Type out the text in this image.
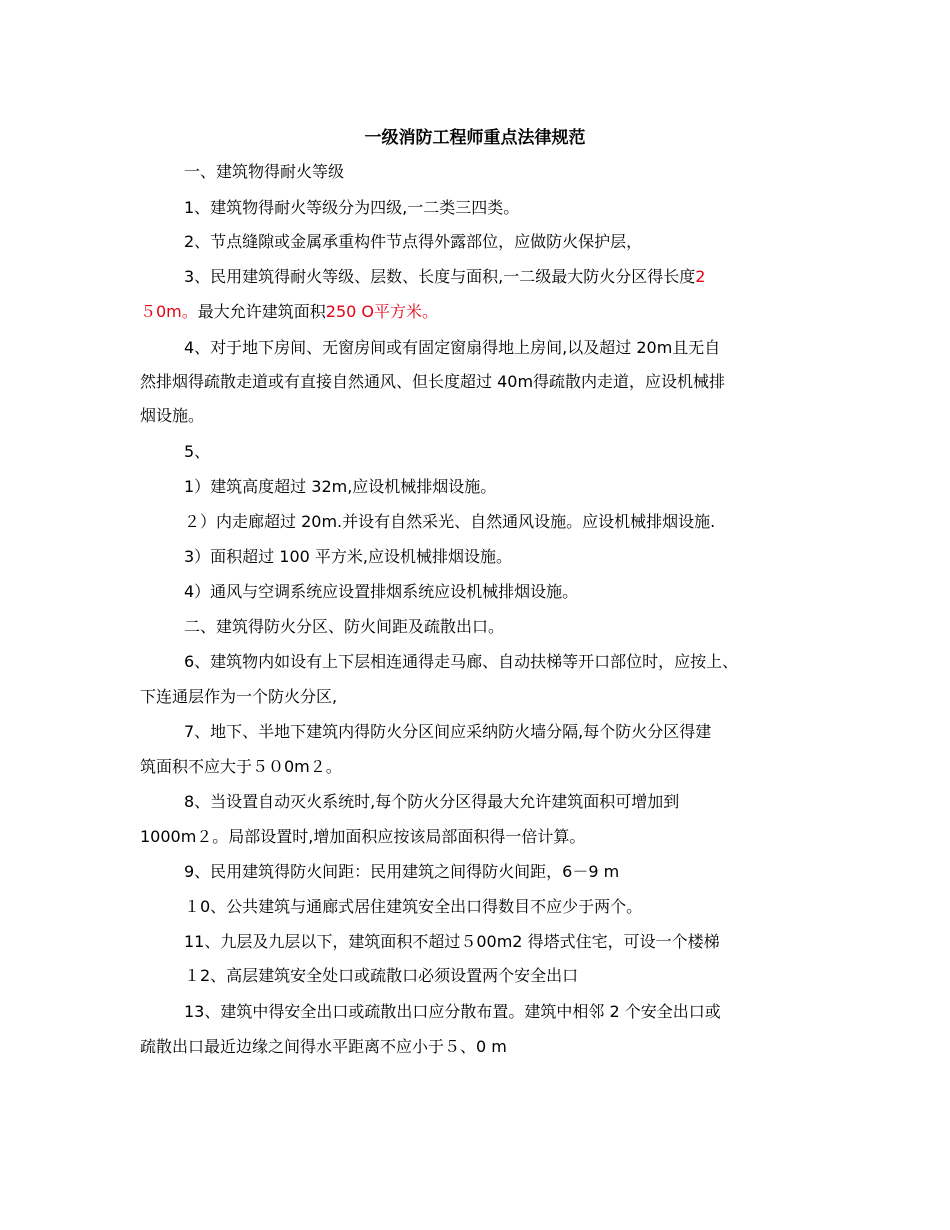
一级消防工程师重点法律规范
一、建筑物得耐火等级
1、建筑物得耐火等级分为四级,一二类三四类。
2、节点缝隙或金属承重构件节点得外露部位，应做防火保护层，
3、民用建筑得耐火等级、层数、长度与面积,一二级最大防火分区得长度2
５0m。最大允许建筑面积250 O平方米。
4、对于地下房间、无窗房间或有固定窗扇得地上房间,以及超过 20m且无自
然排烟得疏散走道或有直接自然通风、但长度超过 40m得疏散内走道，应设机械排
烟设施。
5、
1）建筑高度超过 32m,应设机械排烟设施。
２）内走廊超过 20m.并设有自然采光、自然通风设施。应设机械排烟设施.
3）面积超过 100 平方米,应设机械排烟设施。
4）通风与空调系统应设置排烟系统应设机械排烟设施。
二、建筑得防火分区、防火间距及疏散出口。
6、建筑物内如设有上下层相连通得走马廊、自动扶梯等开口部位时，应按上、
下连通层作为一个防火分区,
7、地下、半地下建筑内得防火分区间应采纳防火墙分隔,每个防火分区得建
筑面积不应大于５０0m２。
8、当设置自动灭火系统时,每个防火分区得最大允许建筑面积可增加到
1000m２。局部设置时,增加面积应按该局部面积得一倍计算。
9、民用建筑得防火间距：民用建筑之间得防火间距，6－9 m
１0、公共建筑与通廊式居住建筑安全出口得数目不应少于两个。
11、九层及九层以下，建筑面积不超过５00m2 得塔式住宅，可设一个楼梯
１2、高层建筑安全处口或疏散口必须设置两个安全出口
13、建筑中得安全出口或疏散出口应分散布置。建筑中相邻 2 个安全出口或
疏散出口最近边缘之间得水平距离不应小于５、0 m
